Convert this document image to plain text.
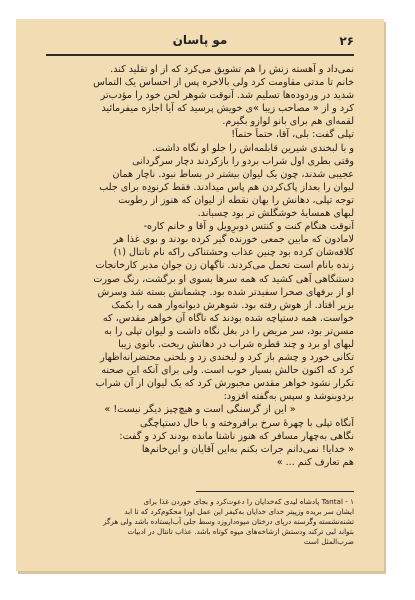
مو پاسان	۲۶
نمی‌داد و آهسته زنش را هم تشویق می‌کرد که از او تقلید کند.
خانم تا مدتی مقاومت کرد ولی بالاخره پس از احساس یک التماس
شدید در وردوده‌ها تسلیم شد. آنوقت شوهر لحن خود را مؤدب‌تر
کرد و از « مصاحب زیبا »ی خویش پرسید که آیا اجازه میفرمائید
لقمه‌ای هم برای بانو لوازو بگیرم.
تپلی گفت: بلی، آقا، حتماً حتماً!
و با لبخندی شیرین قابلمه‌اش را جلو او نگاه داشت.
وقتی بطری اول شراب بردو را بازکردند دچار سرگردانی
عجیبی شدند، چون یک لیوان بیشتر در بساط نبود. ناچار همان
لیوان را بعداز پاک‌کردن هم پاس میدادند. فقط کرنودِه برای جلب
توجه تپلی، دهانش را بهان نقطه از لیوان که هنوز از رطوبت
لبهای همسایهٔ خوشگلش تر بود چسباند.
آنوقت هنگام کنت و کنتس دوبرِویل و آقا و خانم کاره-
لامادون که مابین جمعی خورنده گیر کرده بودند و بوی غذا هر
کلافه‌شان کرده بود چنین عذاب وحشتناکی راکه نام تانتال (۱)
زنده بانام است تحمل می‌کردند. ناگهان زن جوان مدیر کارخانجات
دستنگاهی آهی کشید که همه سرها بسوی او برگشت، رنگ صورت
او از برفهای صحرا سفیدتر شده بود. چشمانش بسته شد وسرش
بزیر افتاد. از هوش رفته بود. شوهرش دیوانه‌وار همه را بکمک
خواست. همه دستپاچه شده بودند که ناگاه آن خواهر مقدس، که
مسن‌تر بود، سر مریض را در بغل نگاه داشت و لیوان تپلی را به
لبهای او برد و چند قطره شراب در دهانش ریخت. بانوی زیبا
تکانی خورد و چشم باز کرد و لبخندی زد و بلحنی محتضرانه‌اظهار
کرد که اکنون حالش بسیار خوب است. ولی برای آنکه این صحنه
تکرار نشود خواهر مقدس مجبورش کرد که یک لیوان از آن شراب
بردوبنوشد و سپس به‌گفته افزود:
« این از گرسنگی است و هیچ‌چیز دیگر نیست! »
آنگاه تپلی با چهرهٔ سرخ برافروخته و با حال دستپاچگی
نگاهی به‌چهار مسافر که هنوز ناشتا مانده بودند کرد و گفت:
« خدایا! نمی‌دانم جرات بکنم به‌این آقایان و این‌خانم‌ها
هم تعارف کنم ... »
۱ - Tantal پادشاه لیدی که‌خدایان را دعوت‌کرد و بجای خوردن غذا برای
ایشان سر بریده وزپیتر خدای خدایان به‌کیفر این عمل اورا محکوم‌کرد که تا ابد
تشنه‌نشسته وگرسنه درپای درختان میوه‌داروزد وسط جلی آب‌ایستاده باشد ولی هرگز
بتواند لبی ترکند ودستش ازشاخه‌های میوه کوتاه باشد. عذاب تانتال در ادبیات
ضرب‌المثل است
